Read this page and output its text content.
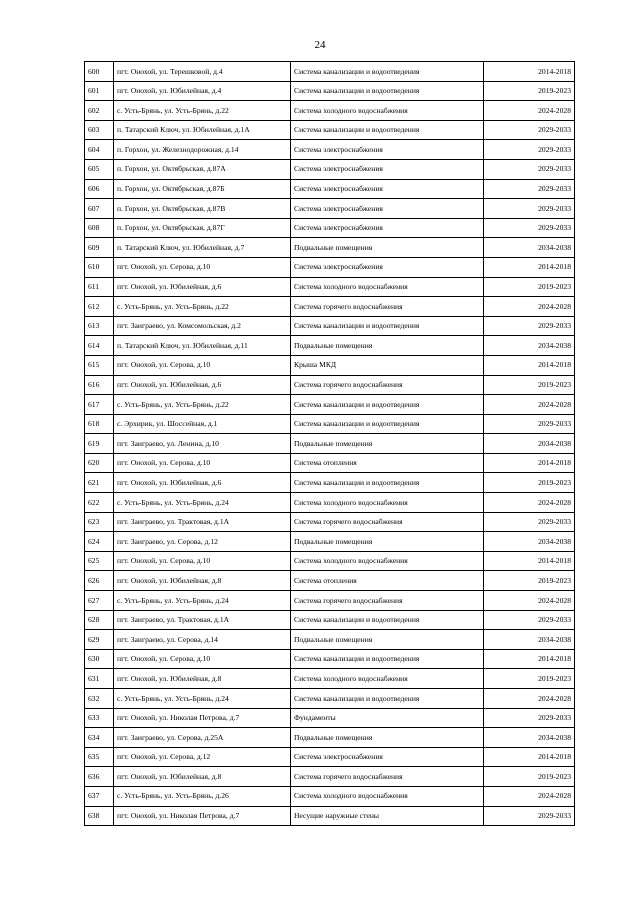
24
600	пгт. Онохой, ул. Терешковой, д.4	Система канализации и водоотведения	2014-2018
601	пгт. Онохой, ул. Юбилейная, д.4	Система канализации и водоотведения	2019-2023
602	с. Усть-Брянь, ул. Усть-Брянь, д.22	Система холодного водоснабжения	2024-2028
603	п. Татарский Ключ, ул. Юбилейная, д.1А	Система канализации и водоотведения	2029-2033
604	п. Горхон, ул. Железнодорожная, д.14	Система электроснабжения	2029-2033
605	п. Горхон, ул. Октябрьская, д.87А	Система электроснабжения	2029-2033
606	п. Горхон, ул. Октябрьская, д.87Б	Система электроснабжения	2029-2033
607	п. Горхон, ул. Октябрьская, д.87В	Система электроснабжения	2029-2033
608	п. Горхон, ул. Октябрьская, д.87Г	Система электроснабжения	2029-2033
609	п. Татарский Ключ, ул. Юбилейная, д.7	Подвальные помещения	2034-2038
610	пгт. Онохой, ул. Серова, д.10	Система электроснабжения	2014-2018
611	пгт. Онохой, ул. Юбилейная, д.6	Система холодного водоснабжения	2019-2023
612	с. Усть-Брянь, ул. Усть-Брянь, д.22	Система горячего водоснабжения	2024-2028
613	пгт. Заиграево, ул. Комсомольская, д.2	Система канализации и водоотведения	2029-2033
614	п. Татарский Ключ, ул. Юбилейная, д.11	Подвальные помещения	2034-2038
615	пгт. Онохой, ул. Серова, д.10	Крыша МКД	2014-2018
616	пгт. Онохой, ул. Юбилейная, д.6	Система горячего водоснабжения	2019-2023
617	с. Усть-Брянь, ул. Усть-Брянь, д.22	Система канализации и водоотведения	2024-2028
618	с. Эрхирик, ул. Шоссейная, д.1	Система канализации и водоотведения	2029-2033
619	пгт. Заиграево, ул. Ленина, д.10	Подвальные помещения	2034-2038
620	пгт. Онохой, ул. Серова, д.10	Система отопления	2014-2018
621	пгт. Онохой, ул. Юбилейная, д.6	Система канализации и водоотведения	2019-2023
622	с. Усть-Брянь, ул. Усть-Брянь, д.24	Система холодного водоснабжения	2024-2028
623	пгт. Заиграево, ул. Трактовая, д.1А	Система горячего водоснабжения	2029-2033
624	пгт. Заиграево, ул. Серова, д.12	Подвальные помещения	2034-2038
625	пгт. Онохой, ул. Серова, д.10	Система холодного водоснабжения	2014-2018
626	пгт. Онохой, ул. Юбилейная, д.8	Система отопления	2019-2023
627	с. Усть-Брянь, ул. Усть-Брянь, д.24	Система горячего водоснабжения	2024-2028
628	пгт. Заиграево, ул. Трактовая, д.1А	Система канализации и водоотведения	2029-2033
629	пгт. Заиграево, ул. Серова, д.14	Подвальные помещения	2034-2038
630	пгт. Онохой, ул. Серова, д.10	Система канализации и водоотведения	2014-2018
631	пгт. Онохой, ул. Юбилейная, д.8	Система холодного водоснабжения	2019-2023
632	с. Усть-Брянь, ул. Усть-Брянь, д.24	Система канализации и водоотведения	2024-2028
633	пгт. Онохой, ул. Николая Петрова, д.7	Фундаменты	2029-2033
634	пгт. Заиграево, ул. Серова, д.25А	Подвальные помещения	2034-2038
635	пгт. Онохой, ул. Серова, д.12	Система электроснабжения	2014-2018
636	пгт. Онохой, ул. Юбилейная, д.8	Система горячего водоснабжения	2019-2023
637	с. Усть-Брянь, ул. Усть-Брянь, д.26	Система холодного водоснабжения	2024-2028
638	пгт. Онохой, ул. Николая Петрова, д.7	Несущие наружные стены	2029-2033
